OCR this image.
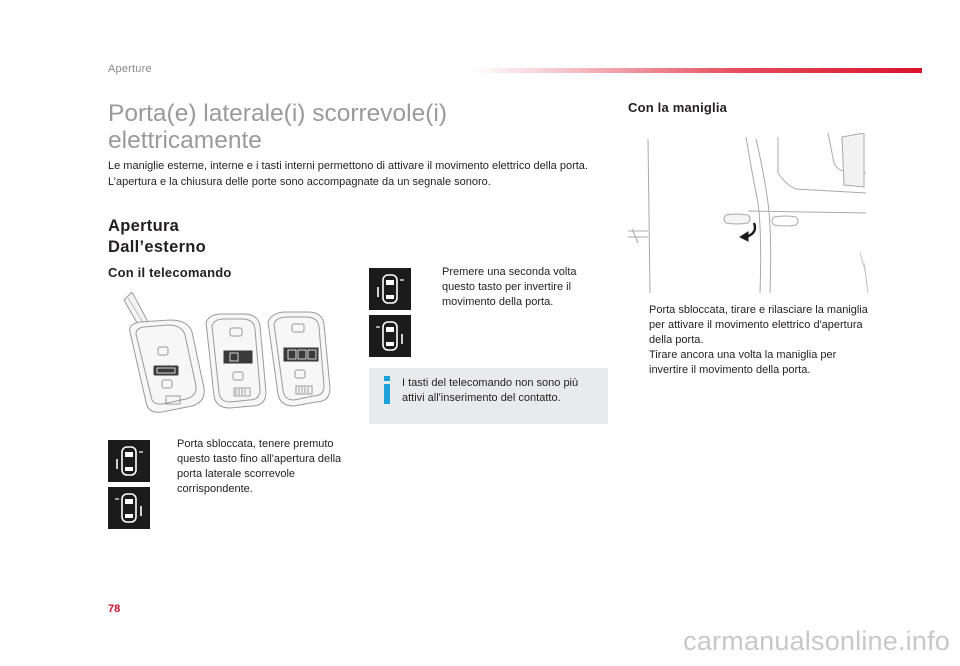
Aperture
Porta(e) laterale(i) scorrevole(i)
elettricamente

Le maniglie esterne, interne e i tasti interni permettono di attivare il movimento elettrico della porta.
L’apertura e la chiusura delle porte sono accompagnate da un segnale sonoro.

Apertura
Dall’esterno
Con il telecomando
Porta sbloccata, tenere premuto questo tasto fino all'apertura della porta laterale scorrevole corrispondente.
Premere una seconda volta questo tasto per invertire il movimento della porta.
I tasti del telecomando non sono più attivi all'inserimento del contatto.
Con la maniglia
Porta sbloccata, tirare e rilasciare la maniglia per attivare il movimento elettrico d'apertura della porta.
Tirare ancora una volta la maniglia per invertire il movimento della porta.
78
carmanualsonline.info
